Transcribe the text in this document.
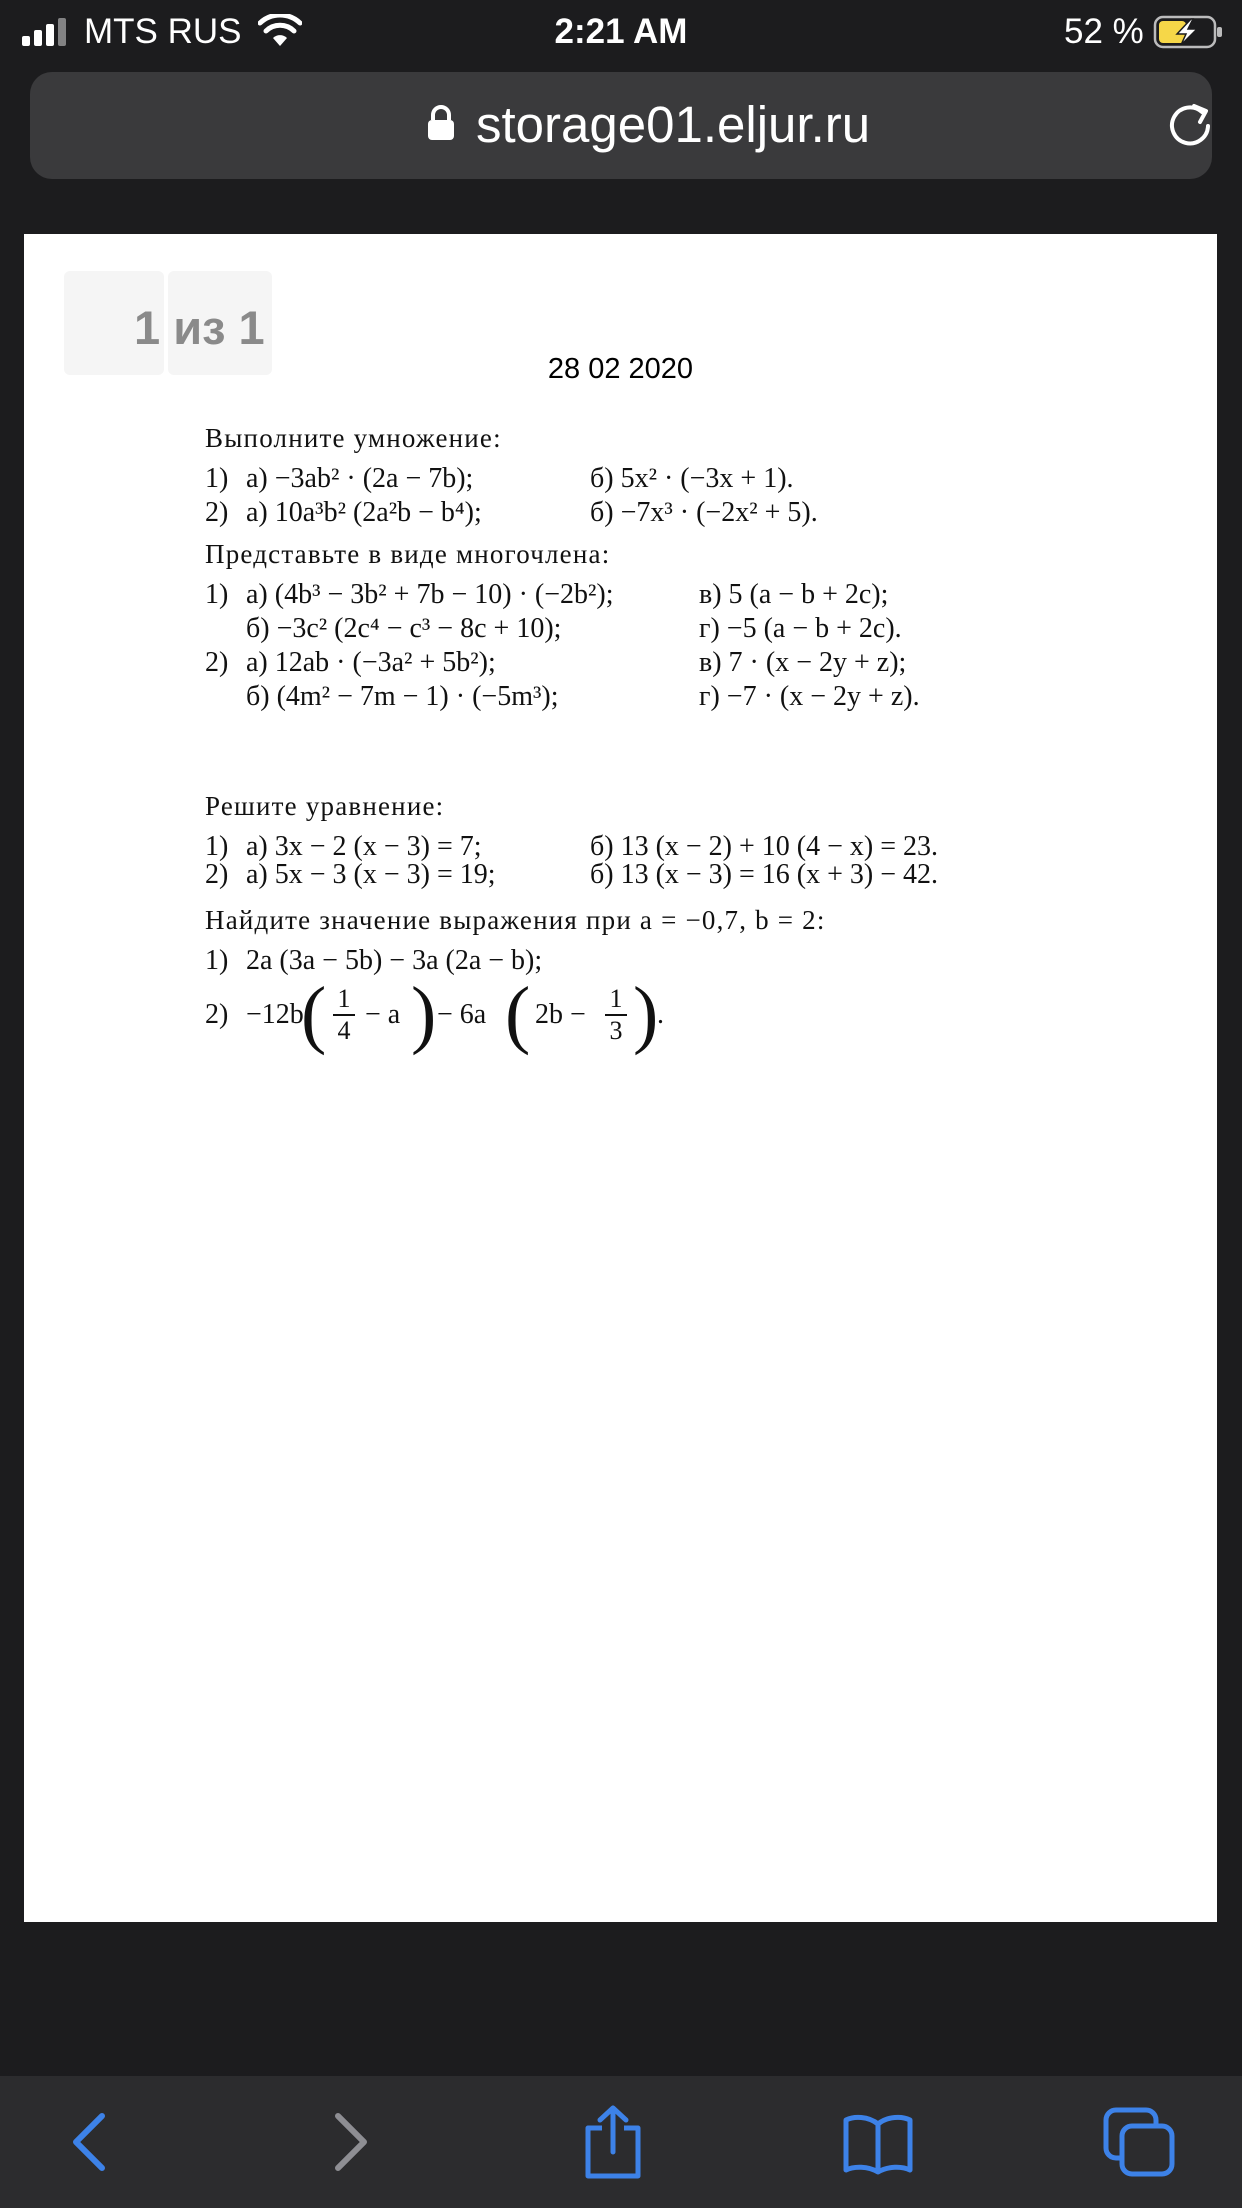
MTS RUS	2:21 AM	52 %
storage01.eljur.ru
1 из 1
28 02 2020
Выполните умножение:
1) а) −3ab² · (2a − 7b);	б) 5x² · (−3x + 1).
2) а) 10a³b² (2a²b − b⁴);	б) −7x³ · (−2x² + 5).
Представьте в виде многочлена:
1) а) (4b³ − 3b² + 7b − 10) · (−2b²);	в) 5 (a − b + 2c);
б) −3c² (2c⁴ − c³ − 8c + 10);	г) −5 (a − b + 2c).
2) а) 12ab · (−3a² + 5b²);	в) 7 · (x − 2y + z);
б) (4m² − 7m − 1) · (−5m³);	г) −7 · (x − 2y + z).
Решите уравнение:
1) а) 3x − 2 (x − 3) = 7;	б) 13 (x − 2) + 10 (4 − x) = 23.
2) а) 5x − 3 (x − 3) = 19;	б) 13 (x − 3) = 16 (x + 3) − 42.
Найдите значение выражения при a = −0,7, b = 2:
1) 2a (3a − 5b) − 3a (2a − b);
2) −12b
( 1
4
− a ) − 6a ( 2b −
1
3 )
.
